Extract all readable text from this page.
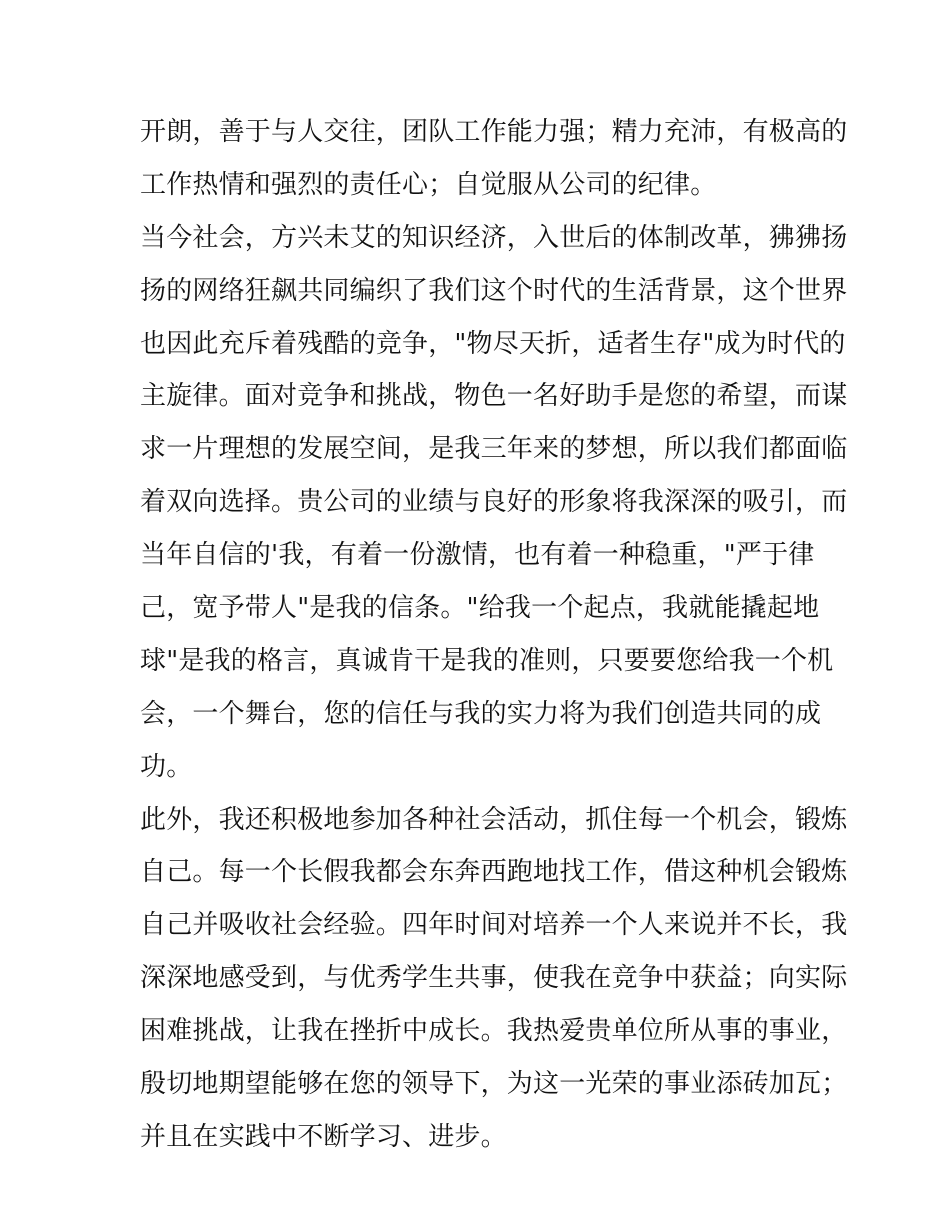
开朗，善于与人交往，团队工作能力强；精力充沛，有极高的
工作热情和强烈的责任心；自觉服从公司的纪律。
当今社会，方兴未艾的知识经济，入世后的体制改革，狒狒扬
扬的网络狂飙共同编织了我们这个时代的生活背景，这个世界
也因此充斥着残酷的竞争，"物尽天折，适者生存"成为时代的
主旋律。面对竞争和挑战，物色一名好助手是您的希望，而谋
求一片理想的发展空间，是我三年来的梦想，所以我们都面临
着双向选择。贵公司的业绩与良好的形象将我深深的吸引，而
当年自信的'我，有着一份激情，也有着一种稳重，"严于律
己，宽予带人"是我的信条。"给我一个起点，我就能撬起地
球"是我的格言，真诚肯干是我的准则，只要要您给我一个机
会，一个舞台，您的信任与我的实力将为我们创造共同的成
功。
此外，我还积极地参加各种社会活动，抓住每一个机会，锻炼
自己。每一个长假我都会东奔西跑地找工作，借这种机会锻炼
自己并吸收社会经验。四年时间对培养一个人来说并不长，我
深深地感受到，与优秀学生共事，使我在竞争中获益；向实际
困难挑战，让我在挫折中成长。我热爱贵单位所从事的事业，
殷切地期望能够在您的领导下，为这一光荣的事业添砖加瓦；
并且在实践中不断学习、进步。
